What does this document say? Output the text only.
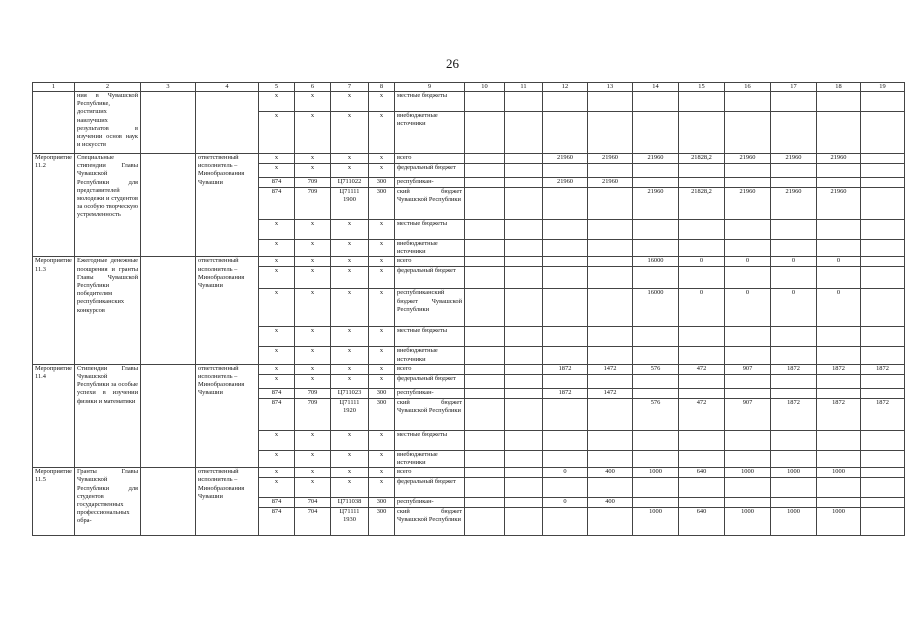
26
1	2	3	4	5	6	7	8	9	10	11	12	13	14	15	16	17	18	19
	ния в Чувашской Республике, достигших наилучших результатов в изучении основ наук и искусств			x	x	x	x	местные бюджеты										
				x	x	x	x	внебюджетные источники										
Мероприятие 11.2	Специальные стипендии Главы Чувашской Республики для представителей молодежи и студентов за особую творческую устремленность		ответственный исполнитель – Минобразования Чувашии	x	x	x	x	всего			21960	21960	21960	21828,2	21960	21960	21960	
				x	x	x	x	федеральный бюджет										
				874	709	Ц711022	300	республикан-			21960	21960						
				874	709	Ц71111 1900	300	ский бюджет Чувашской Республики					21960	21828,2	21960	21960	21960	
				x	x	x	x	местные бюджеты										
				x	x	x	x	внебюджетные источники										
Мероприятие 11.3	Ежегодные денежные поощрения и гранты Главы Чувашской Республики победителям республиканских конкурсов		ответственный исполнитель – Минобразования Чувашии	x	x	x	x	всего					16000	0	0	0	0	
				x	x	x	x	федеральный бюджет										
				x	x	x	x	республиканский бюджет Чувашской Республики					16000	0	0	0	0	
				x	x	x	x	местные бюджеты										
				x	x	x	x	внебюджетные источники										
Мероприятие 11.4	Стипендии Главы Чувашской Республики за особые успехи в изучении физики и математики		ответственный исполнитель – Минобразования Чувашии	x	x	x	x	всего			1872	1472	576	472	907	1872	1872	1872
				x	x	x	x	федеральный бюджет										
				874	709	Ц711023	300	республикан-			1872	1472						
				874	709	Ц71111 1920	300	ский бюджет Чувашской Республики					576	472	907	1872	1872	1872
				x	x	x	x	местные бюджеты										
				x	x	x	x	внебюджетные источники										
Мероприятие 11.5	Гранты Главы Чувашской Республики для студентов государственных профессиональных обра-		ответственный исполнитель – Минобразования Чувашии	x	x	x	x	всего			0	400	1000	640	1000	1000	1000	
				x	x	x	x	федеральный бюджет										
				874	704	Ц711038	300	республикан-			0	400						
				874	704	Ц71111 1930	300	ский бюджет Чувашской Республики					1000	640	1000	1000	1000	
